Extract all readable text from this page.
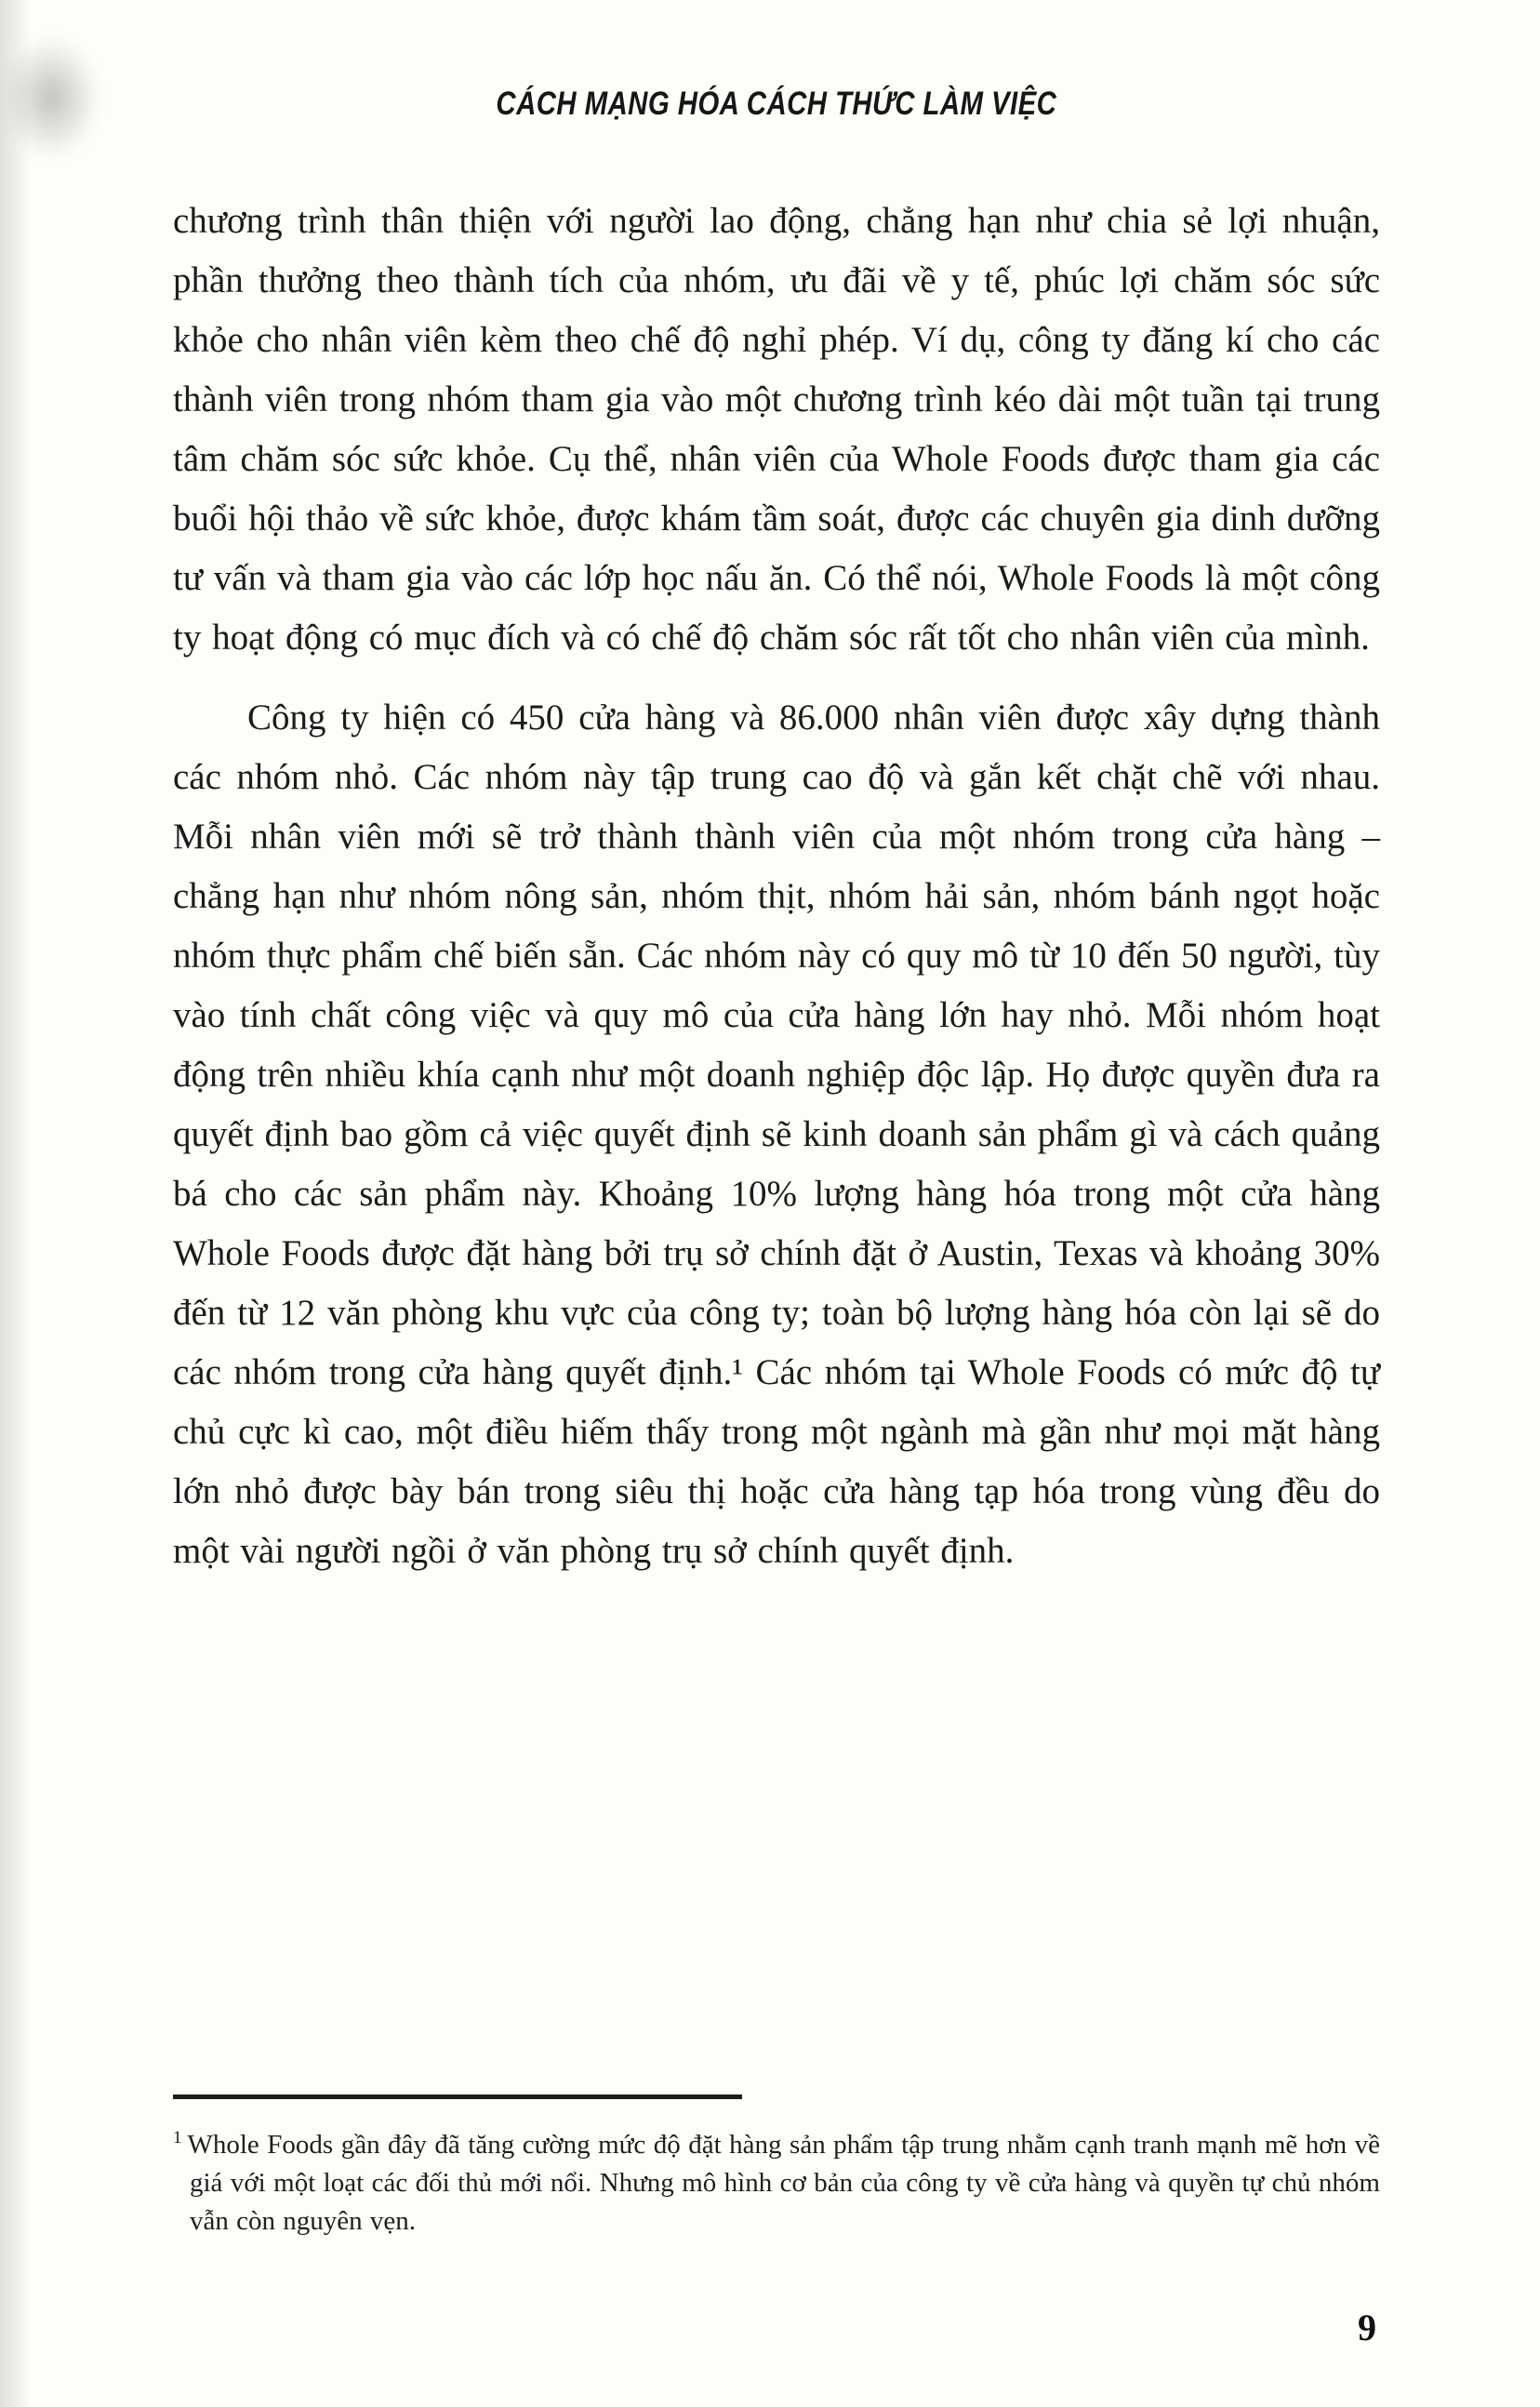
CÁCH MẠNG HÓA CÁCH THỨC LÀM VIỆC

chương trình thân thiện với người lao động, chẳng hạn như chia sẻ lợi nhuận, phần thưởng theo thành tích của nhóm, ưu đãi về y tế, phúc lợi chăm sóc sức khỏe cho nhân viên kèm theo chế độ nghỉ phép. Ví dụ, công ty đăng kí cho các thành viên trong nhóm tham gia vào một chương trình kéo dài một tuần tại trung tâm chăm sóc sức khỏe. Cụ thể, nhân viên của Whole Foods được tham gia các buổi hội thảo về sức khỏe, được khám tầm soát, được các chuyên gia dinh dưỡng tư vấn và tham gia vào các lớp học nấu ăn. Có thể nói, Whole Foods là một công ty hoạt động có mục đích và có chế độ chăm sóc rất tốt cho nhân viên của mình.

Công ty hiện có 450 cửa hàng và 86.000 nhân viên được xây dựng thành các nhóm nhỏ. Các nhóm này tập trung cao độ và gắn kết chặt chẽ với nhau. Mỗi nhân viên mới sẽ trở thành thành viên của một nhóm trong cửa hàng – chẳng hạn như nhóm nông sản, nhóm thịt, nhóm hải sản, nhóm bánh ngọt hoặc nhóm thực phẩm chế biến sẵn. Các nhóm này có quy mô từ 10 đến 50 người, tùy vào tính chất công việc và quy mô của cửa hàng lớn hay nhỏ. Mỗi nhóm hoạt động trên nhiều khía cạnh như một doanh nghiệp độc lập. Họ được quyền đưa ra quyết định bao gồm cả việc quyết định sẽ kinh doanh sản phẩm gì và cách quảng bá cho các sản phẩm này. Khoảng 10% lượng hàng hóa trong một cửa hàng Whole Foods được đặt hàng bởi trụ sở chính đặt ở Austin, Texas và khoảng 30% đến từ 12 văn phòng khu vực của công ty; toàn bộ lượng hàng hóa còn lại sẽ do các nhóm trong cửa hàng quyết định.¹ Các nhóm tại Whole Foods có mức độ tự chủ cực kì cao, một điều hiếm thấy trong một ngành mà gần như mọi mặt hàng lớn nhỏ được bày bán trong siêu thị hoặc cửa hàng tạp hóa trong vùng đều do một vài người ngồi ở văn phòng trụ sở chính quyết định.

$^1$ Whole Foods gần đây đã tăng cường mức độ đặt hàng sản phẩm tập trung nhằm cạnh tranh mạnh mẽ hơn về giá với một loạt các đối thủ mới nổi. Nhưng mô hình cơ bản của công ty về cửa hàng và quyền tự chủ nhóm vẫn còn nguyên vẹn.

9
